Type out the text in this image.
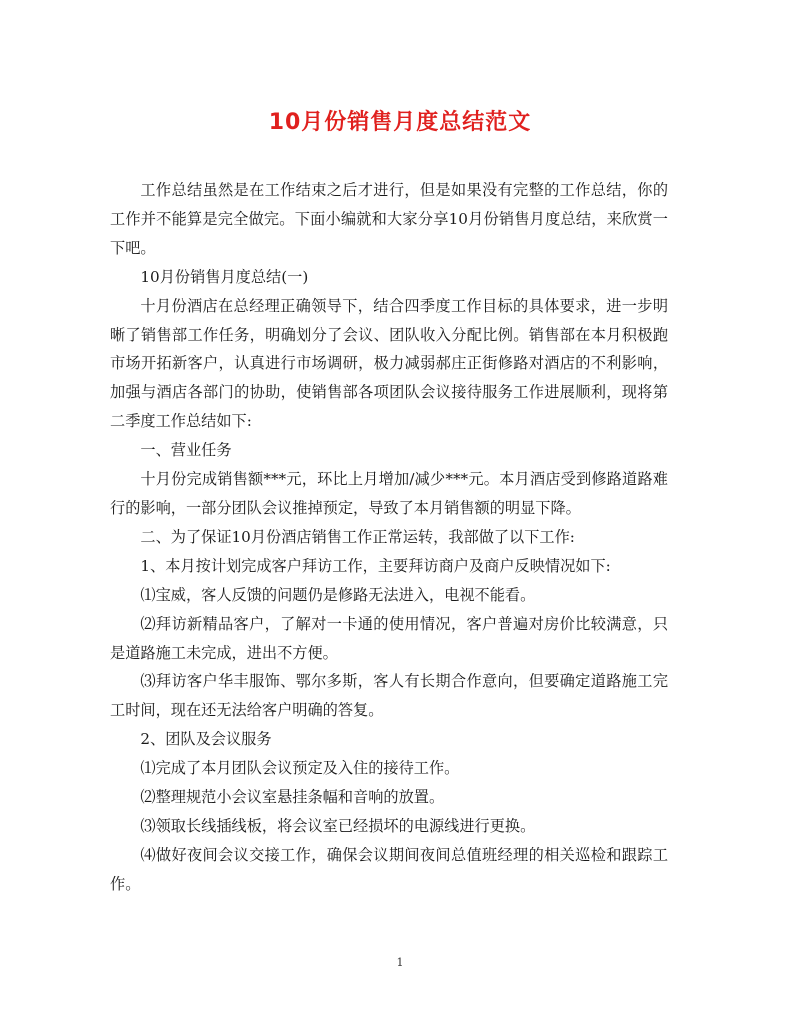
10月份销售月度总结范文

工作总结虽然是在工作结束之后才进行，但是如果没有完整的工作总结，你的工作并不能算是完全做完。下面小编就和大家分享10月份销售月度总结，来欣赏一下吧。

10月份销售月度总结(一)

十月份酒店在总经理正确领导下，结合四季度工作目标的具体要求，进一步明晰了销售部工作任务，明确划分了会议、团队收入分配比例。销售部在本月积极跑市场开拓新客户，认真进行市场调研，极力减弱郝庄正街修路对酒店的不利影响，加强与酒店各部门的协助，使销售部各项团队会议接待服务工作进展顺利，现将第二季度工作总结如下:

一、营业任务

十月份完成销售额***元，环比上月增加/减少***元。本月酒店受到修路道路难行的影响，一部分团队会议推掉预定，导致了本月销售额的明显下降。

二、为了保证10月份酒店销售工作正常运转，我部做了以下工作:

1、本月按计划完成客户拜访工作，主要拜访商户及商户反映情况如下:

⑴宝威，客人反馈的问题仍是修路无法进入，电视不能看。

⑵拜访新精品客户，了解对一卡通的使用情况，客户普遍对房价比较满意，只是道路施工未完成，进出不方便。

⑶拜访客户华丰服饰、鄂尔多斯，客人有长期合作意向，但要确定道路施工完工时间，现在还无法给客户明确的答复。

2、团队及会议服务

⑴完成了本月团队会议预定及入住的接待工作。

⑵整理规范小会议室悬挂条幅和音响的放置。

⑶领取长线插线板，将会议室已经损坏的电源线进行更换。

⑷做好夜间会议交接工作，确保会议期间夜间总值班经理的相关巡检和跟踪工作。

1
